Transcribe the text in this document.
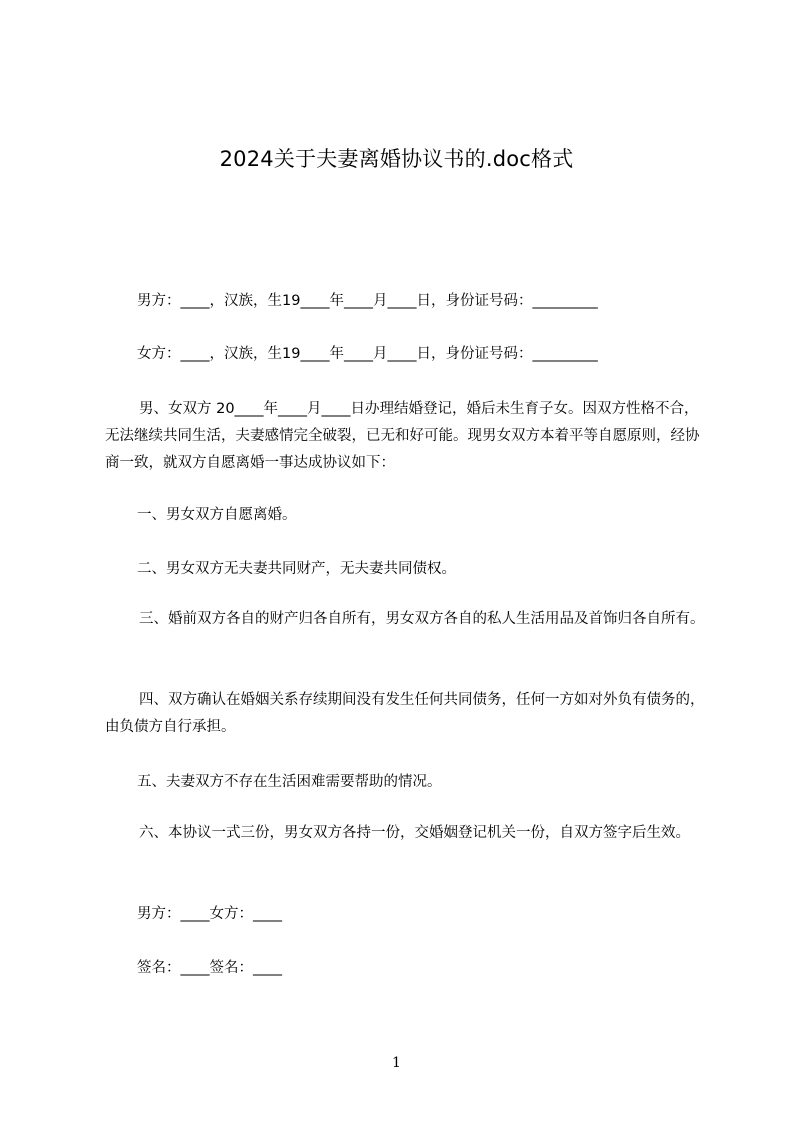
2024关于夫妻离婚协议书的.doc格式
男方：____，汉族，生19____年____月____日，身份证号码：_________
女方：____，汉族，生19____年____月____日，身份证号码：_________
男、女双方 20____年____月____日办理结婚登记，婚后未生育子女。因双方性格不合，无法继续共同生活，夫妻感情完全破裂，已无和好可能。现男女双方本着平等自愿原则，经协商一致，就双方自愿离婚一事达成协议如下：
一、男女双方自愿离婚。
二、男女双方无夫妻共同财产，无夫妻共同债权。
三、婚前双方各自的财产归各自所有，男女双方各自的私人生活用品及首饰归各自所有。
四、双方确认在婚姻关系存续期间没有发生任何共同债务，任何一方如对外负有债务的，由负债方自行承担。
五、夫妻双方不存在生活困难需要帮助的情况。
六、本协议一式三份，男女双方各持一份，交婚姻登记机关一份，自双方签字后生效。
男方：____女方：____
签名：____签名：____
1
